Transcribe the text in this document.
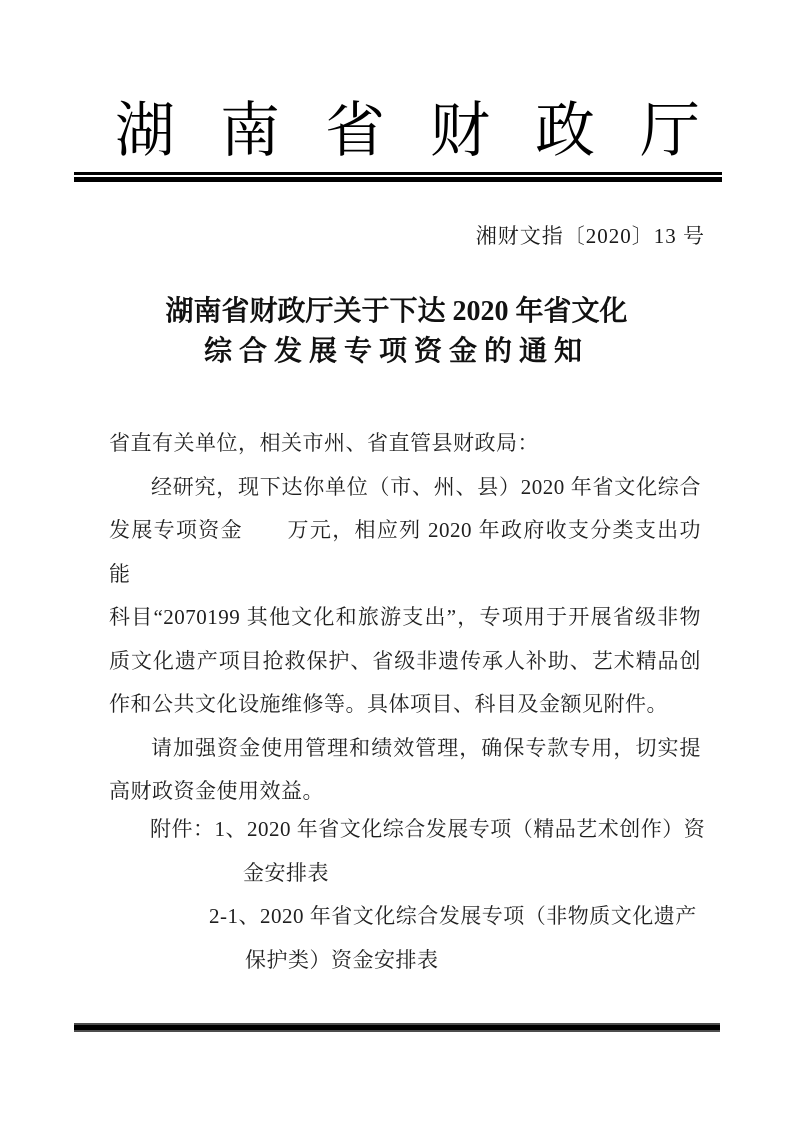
湖南省财政厅
湘财文指〔2020〕13 号
湖南省财政厅关于下达 2020 年省文化
综合发展专项资金的通知
省直有关单位，相关市州、省直管县财政局：
经研究，现下达你单位（市、州、县）2020 年省文化综合
发展专项资金　　万元，相应列 2020 年政府收支分类支出功能
科目“2070199 其他文化和旅游支出”，专项用于开展省级非物
质文化遗产项目抢救保护、省级非遗传承人补助、艺术精品创
作和公共文化设施维修等。具体项目、科目及金额见附件。
请加强资金使用管理和绩效管理，确保专款专用，切实提
高财政资金使用效益。
附件：1、2020 年省文化综合发展专项（精品艺术创作）资
金安排表
2-1、2020 年省文化综合发展专项（非物质文化遗产
保护类）资金安排表
